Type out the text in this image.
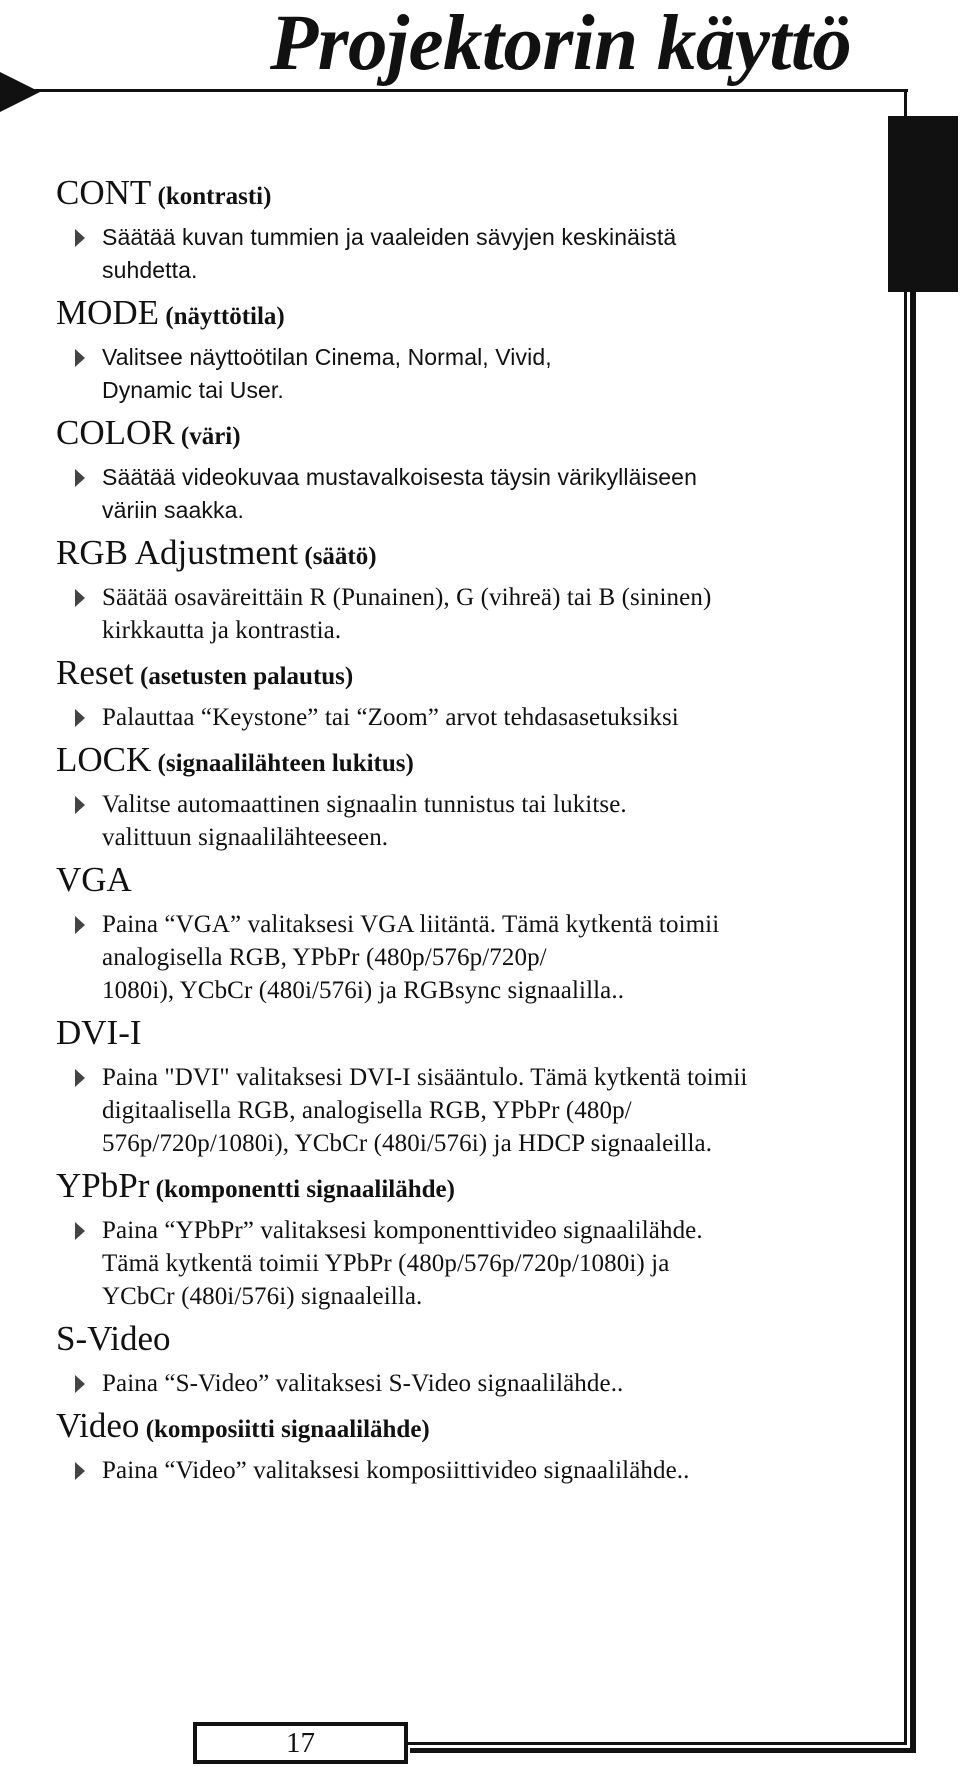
Projektorin käyttö
CONT (kontrasti)
Säätää kuvan tummien ja vaaleiden sävyjen keskinäistä
suhdetta.
MODE (näyttötila)
Valitsee näyttoötilan Cinema, Normal, Vivid,
Dynamic tai User.
COLOR (väri)
Säätää videokuvaa mustavalkoisesta täysin värikylläiseen
väriin saakka.
RGB Adjustment (säätö)
Säätää osaväreittäin R (Punainen), G (vihreä) tai B (sininen)
kirkkautta ja kontrastia.
Reset (asetusten palautus)
Palauttaa “Keystone” tai “Zoom” arvot tehdasasetuksiksi
LOCK (signaalilähteen lukitus)
Valitse automaattinen signaalin tunnistus tai lukitse.
valittuun signaalilähteeseen.
VGA
Paina “VGA” valitaksesi VGA liitäntä. Tämä kytkentä toimii
analogisella RGB, YPbPr (480p/576p/720p/
1080i), YCbCr (480i/576i) ja RGBsync signaalilla..
DVI-I
Paina "DVI" valitaksesi DVI-I sisääntulo. Tämä kytkentä toimii
digitaalisella RGB, analogisella RGB, YPbPr (480p/
576p/720p/1080i), YCbCr (480i/576i) ja HDCP signaaleilla.
YPbPr (komponentti signaalilähde)
Paina “YPbPr” valitaksesi komponenttivideo signaalilähde.
Tämä kytkentä toimii YPbPr (480p/576p/720p/1080i) ja
YCbCr (480i/576i) signaaleilla.
S-Video
Paina “S-Video” valitaksesi S-Video signaalilähde..
Video (komposiitti signaalilähde)
Paina “Video” valitaksesi komposiittivideo signaalilähde..
17
